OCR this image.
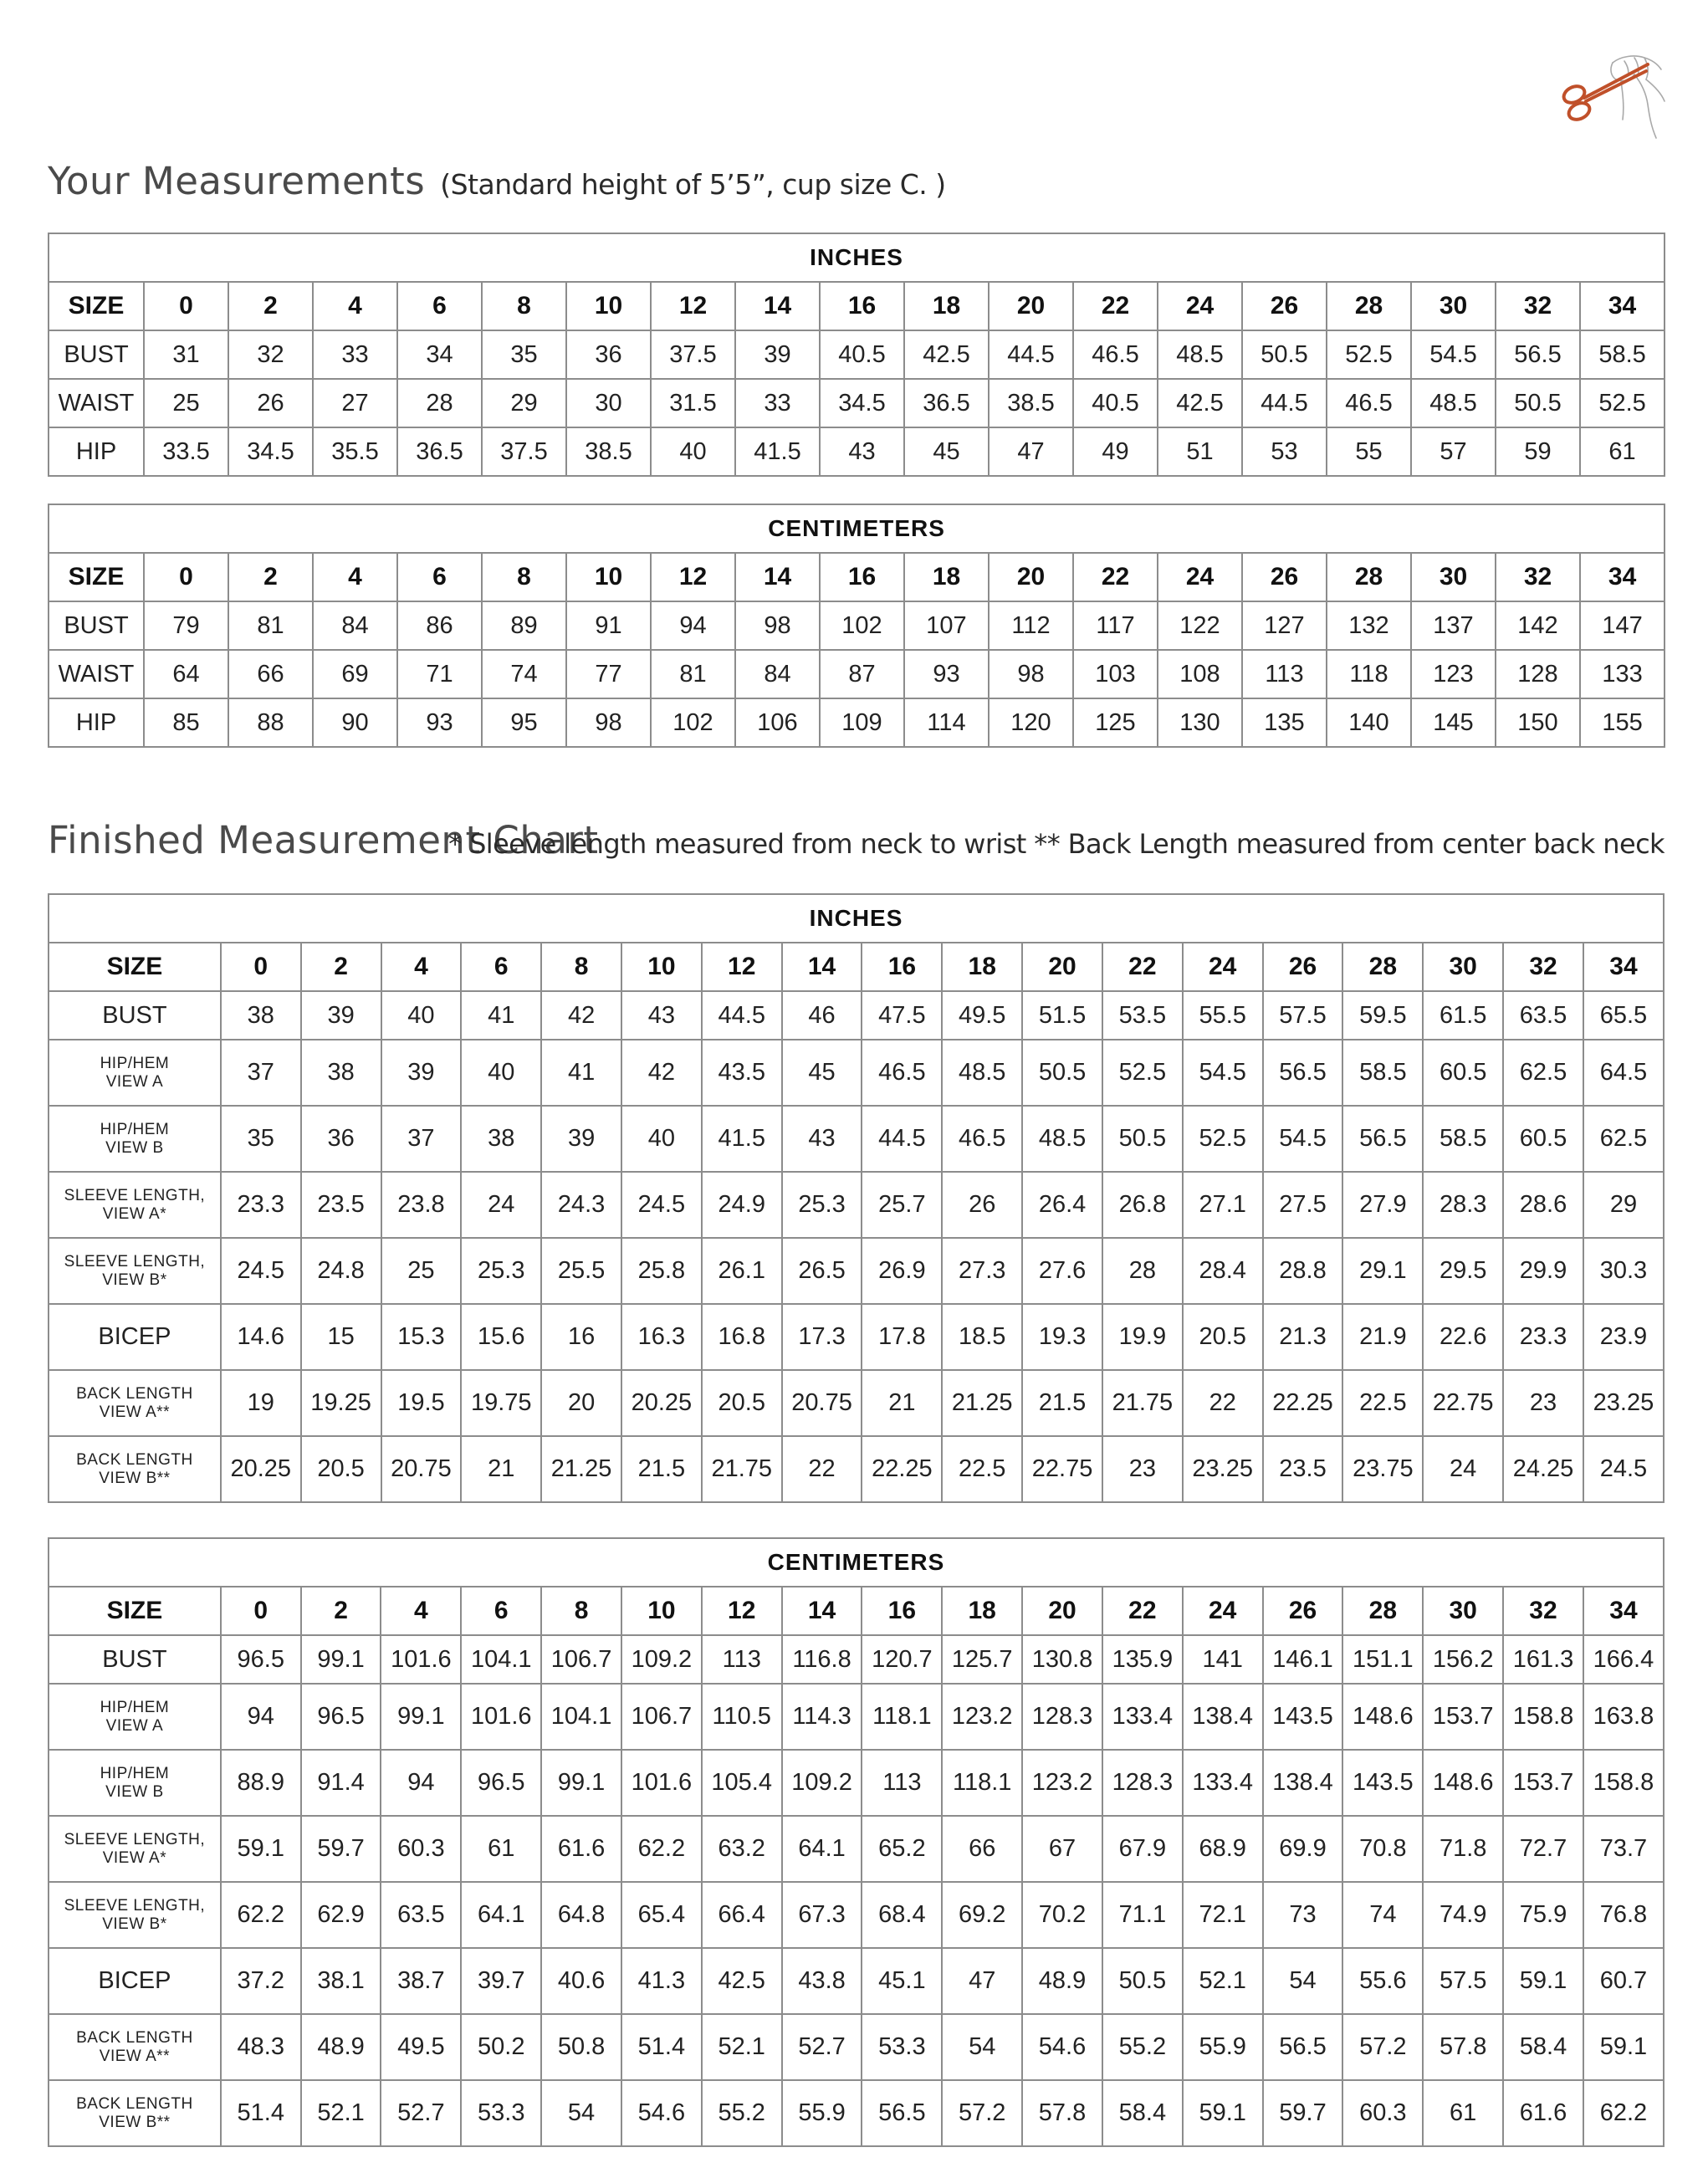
Your Measurements (Standard height of 5’5”, cup size C. )
INCHES																		
SIZE	0	2	4	6	8	10	12	14	16	18	20	22	24	26	28	30	32	34
BUST	31	32	33	34	35	36	37.5	39	40.5	42.5	44.5	46.5	48.5	50.5	52.5	54.5	56.5	58.5
WAIST	25	26	27	28	29	30	31.5	33	34.5	36.5	38.5	40.5	42.5	44.5	46.5	48.5	50.5	52.5
HIP	33.5	34.5	35.5	36.5	37.5	38.5	40	41.5	43	45	47	49	51	53	55	57	59	61
CENTIMETERS																		
SIZE	0	2	4	6	8	10	12	14	16	18	20	22	24	26	28	30	32	34
BUST	79	81	84	86	89	91	94	98	102	107	112	117	122	127	132	137	142	147
WAIST	64	66	69	71	74	77	81	84	87	93	98	103	108	113	118	123	128	133
HIP	85	88	90	93	95	98	102	106	109	114	120	125	130	135	140	145	150	155
Finished Measurement Chart
* Sleeve length measured from neck to wrist ** Back Length measured from center back neck
INCHES																		
SIZE	0	2	4	6	8	10	12	14	16	18	20	22	24	26	28	30	32	34
BUST	38	39	40	41	42	43	44.5	46	47.5	49.5	51.5	53.5	55.5	57.5	59.5	61.5	63.5	65.5

HIP/HEM
VIEW A	37	38	39	40	41	42	43.5	45	46.5	48.5	50.5	52.5	54.5	56.5	58.5	60.5	62.5	64.5

HIP/HEM
VIEW B	35	36	37	38	39	40	41.5	43	44.5	46.5	48.5	50.5	52.5	54.5	56.5	58.5	60.5	62.5

SLEEVE LENGTH,
VIEW A*	23.3	23.5	23.8	24	24.3	24.5	24.9	25.3	25.7	26	26.4	26.8	27.1	27.5	27.9	28.3	28.6	29

SLEEVE LENGTH,
VIEW B*	24.5	24.8	25	25.3	25.5	25.8	26.1	26.5	26.9	27.3	27.6	28	28.4	28.8	29.1	29.5	29.9	30.3
BICEP	14.6	15	15.3	15.6	16	16.3	16.8	17.3	17.8	18.5	19.3	19.9	20.5	21.3	21.9	22.6	23.3	23.9

BACK LENGTH
VIEW A**	19	19.25	19.5	19.75	20	20.25	20.5	20.75	21	21.25	21.5	21.75	22	22.25	22.5	22.75	23	23.25

BACK LENGTH
VIEW B**	20.25	20.5	20.75	21	21.25	21.5	21.75	22	22.25	22.5	22.75	23	23.25	23.5	23.75	24	24.25	24.5
CENTIMETERS																		
SIZE	0	2	4	6	8	10	12	14	16	18	20	22	24	26	28	30	32	34
BUST	96.5	99.1	101.6	104.1	106.7	109.2	113	116.8	120.7	125.7	130.8	135.9	141	146.1	151.1	156.2	161.3	166.4

HIP/HEM
VIEW A	94	96.5	99.1	101.6	104.1	106.7	110.5	114.3	118.1	123.2	128.3	133.4	138.4	143.5	148.6	153.7	158.8	163.8

HIP/HEM
VIEW B	88.9	91.4	94	96.5	99.1	101.6	105.4	109.2	113	118.1	123.2	128.3	133.4	138.4	143.5	148.6	153.7	158.8

SLEEVE LENGTH,
VIEW A*	59.1	59.7	60.3	61	61.6	62.2	63.2	64.1	65.2	66	67	67.9	68.9	69.9	70.8	71.8	72.7	73.7

SLEEVE LENGTH,
VIEW B*	62.2	62.9	63.5	64.1	64.8	65.4	66.4	67.3	68.4	69.2	70.2	71.1	72.1	73	74	74.9	75.9	76.8
BICEP	37.2	38.1	38.7	39.7	40.6	41.3	42.5	43.8	45.1	47	48.9	50.5	52.1	54	55.6	57.5	59.1	60.7

BACK LENGTH
VIEW A**	48.3	48.9	49.5	50.2	50.8	51.4	52.1	52.7	53.3	54	54.6	55.2	55.9	56.5	57.2	57.8	58.4	59.1

BACK LENGTH
VIEW B**	51.4	52.1	52.7	53.3	54	54.6	55.2	55.9	56.5	57.2	57.8	58.4	59.1	59.7	60.3	61	61.6	62.2
